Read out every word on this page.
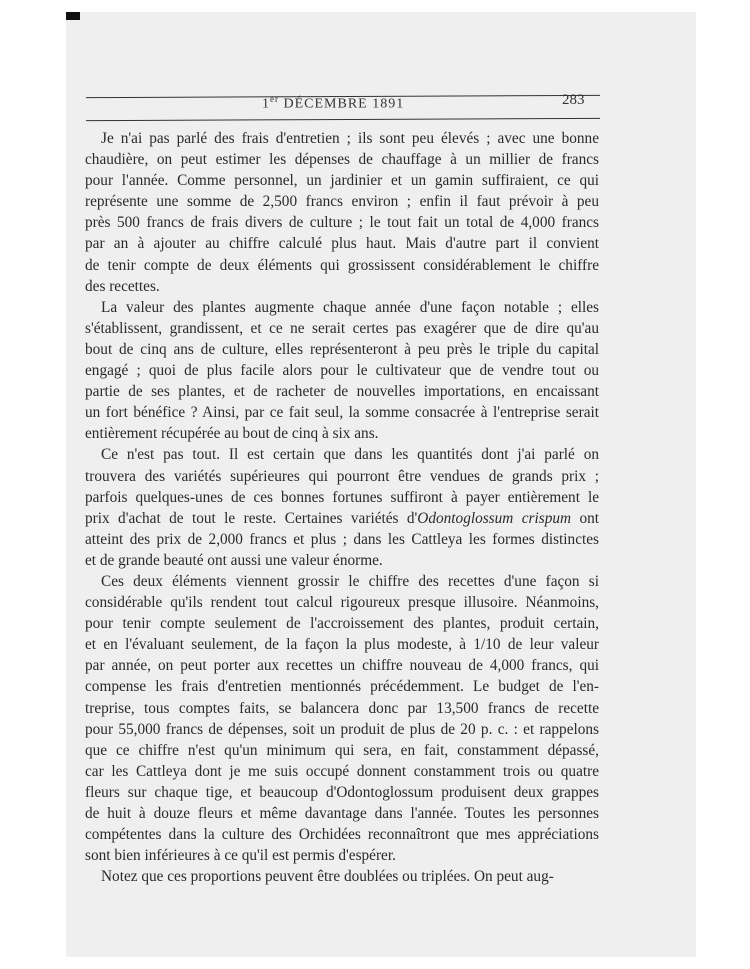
1er DÉCEMBRE 1891	283
Je n'ai pas parlé des frais d'entretien ; ils sont peu élevés ; avec une bonne
chaudière, on peut estimer les dépenses de chauffage à un millier de francs
pour l'année. Comme personnel, un jardinier et un gamin suffiraient, ce qui
représente une somme de 2,500 francs environ ; enfin il faut prévoir à peu
près 500 francs de frais divers de culture ; le tout fait un total de 4,000 francs
par an à ajouter au chiffre calculé plus haut. Mais d'autre part il convient
de tenir compte de deux éléments qui grossissent considérablement le chiffre
des recettes.
La valeur des plantes augmente chaque année d'une façon notable ; elles
s'établissent, grandissent, et ce ne serait certes pas exagérer que de dire qu'au
bout de cinq ans de culture, elles représenteront à peu près le triple du capital
engagé ; quoi de plus facile alors pour le cultivateur que de vendre tout ou
partie de ses plantes, et de racheter de nouvelles importations, en encaissant
un fort bénéfice ? Ainsi, par ce fait seul, la somme consacrée à l'entreprise serait
entièrement récupérée au bout de cinq à six ans.
Ce n'est pas tout. Il est certain que dans les quantités dont j'ai parlé on
trouvera des variétés supérieures qui pourront être vendues de grands prix ;
parfois quelques-unes de ces bonnes fortunes suffiront à payer entièrement le
prix d'achat de tout le reste. Certaines variétés d'Odontoglossum crispum ont
atteint des prix de 2,000 francs et plus ; dans les Cattleya les formes distinctes
et de grande beauté ont aussi une valeur énorme.
Ces deux éléments viennent grossir le chiffre des recettes d'une façon si
considérable qu'ils rendent tout calcul rigoureux presque illusoire. Néanmoins,
pour tenir compte seulement de l'accroissement des plantes, produit certain,
et en l'évaluant seulement, de la façon la plus modeste, à 1/10 de leur valeur
par année, on peut porter aux recettes un chiffre nouveau de 4,000 francs, qui
compense les frais d'entretien mentionnés précédemment. Le budget de l'en-
treprise, tous comptes faits, se balancera donc par 13,500 francs de recette
pour 55,000 francs de dépenses, soit un produit de plus de 20 p. c. : et rappelons
que ce chiffre n'est qu'un minimum qui sera, en fait, constamment dépassé,
car les Cattleya dont je me suis occupé donnent constamment trois ou quatre
fleurs sur chaque tige, et beaucoup d'Odontoglossum produisent deux grappes
de huit à douze fleurs et même davantage dans l'année. Toutes les personnes
compétentes dans la culture des Orchidées reconnaîtront que mes appréciations
sont bien inférieures à ce qu'il est permis d'espérer.
Notez que ces proportions peuvent être doublées ou triplées. On peut aug-
